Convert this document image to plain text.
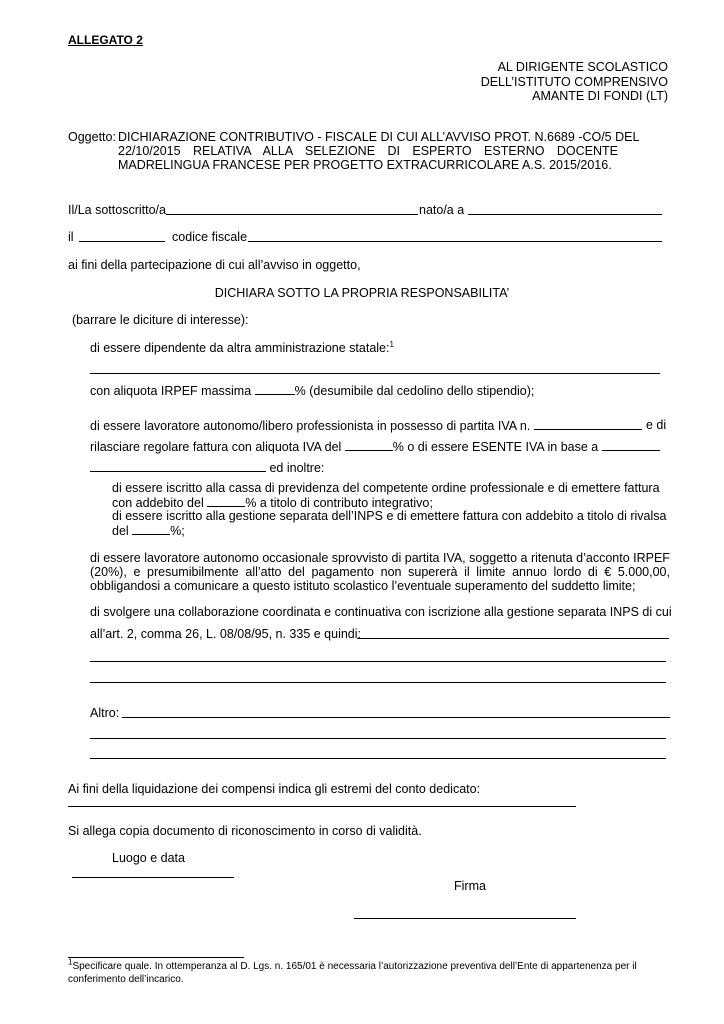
ALLEGATO 2
AL DIRIGENTE SCOLASTICO
DELL’ISTITUTO COMPRENSIVO
AMANTE DI FONDI (LT)
Oggetto: DICHIARAZIONE CONTRIBUTIVO - FISCALE DI CUI ALL’AVVISO PROT. N.6689 -CO/5 DEL
22/10/2015 RELATIVA ALLA SELEZIONE DI ESPERTO ESTERNO DOCENTE
MADRELINGUA FRANCESE PER PROGETTO EXTRACURRICOLARE A.S. 2015/2016.
Il/La sottoscritto/a	nato/a a
il	codice fiscale
ai fini della partecipazione di cui all’avviso in oggetto,
DICHIARA SOTTO LA PROPRIA RESPONSABILITA’
(barrare le diciture di interesse):
di essere dipendente da altra amministrazione statale:$^1$
con aliquota IRPEF massima	% (desumibile dal cedolino dello stipendio);
di essere lavoratore autonomo/libero professionista in possesso di partita IVA n.	e di
rilasciare regolare fattura con aliquota IVA del	% o di essere ESENTE IVA in base a
ed inoltre:
di essere iscritto alla cassa di previdenza del competente ordine professionale e di emettere fattura
con addebito del	% a titolo di contributo integrativo;
di essere iscritto alla gestione separata dell’INPS e di emettere fattura con addebito a titolo di rivalsa
del	%;
di essere lavoratore autonomo occasionale sprovvisto di partita IVA, soggetto a ritenuta d’acconto IRPEF
(20%), e presumibilmente all’atto del pagamento non supererà il limite annuo lordo di € 5.000,00,
obbligandosi a comunicare a questo istituto scolastico l’eventuale superamento del suddetto limite;
di svolgere una collaborazione coordinata e continuativa con iscrizione alla gestione separata INPS di cui
all’art. 2, comma 26, L. 08/08/95, n. 335 e quindi:
Altro:
Ai fini della liquidazione dei compensi indica gli estremi del conto dedicato:
Si allega copia documento di riconoscimento in corso di validità.
Luogo e data
Firma
$^1$Specificare quale. In ottemperanza al D. Lgs. n. 165/01 è necessaria l’autorizzazione preventiva dell’Ente di appartenenza per il
conferimento dell’incarico.
